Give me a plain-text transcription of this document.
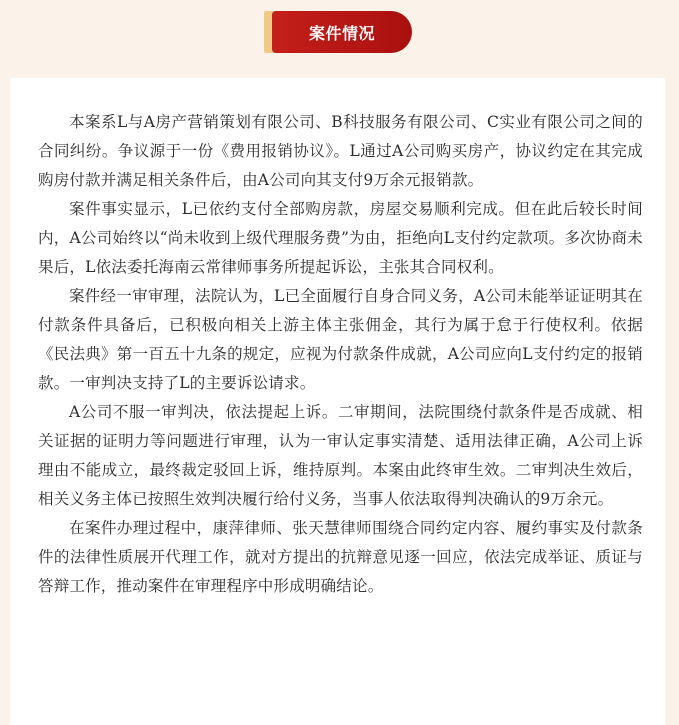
案件情况

本案系L与A房产营销策划有限公司、B科技服务有限公司、C实业有限公司之间的合同纠纷。争议源于一份《费用报销协议》。L通过A公司购买房产，协议约定在其完成购房付款并满足相关条件后，由A公司向其支付9万余元报销款。

案件事实显示，L已依约支付全部购房款，房屋交易顺利完成。但在此后较长时间内，A公司始终以“尚未收到上级代理服务费”为由，拒绝向L支付约定款项。多次协商未果后，L依法委托海南云常律师事务所提起诉讼，主张其合同权利。

案件经一审审理，法院认为，L已全面履行自身合同义务，A公司未能举证证明其在付款条件具备后，已积极向相关上游主体主张佣金，其行为属于怠于行使权利。依据《民法典》第一百五十九条的规定，应视为付款条件成就，A公司应向L支付约定的报销款。一审判决支持了L的主要诉讼请求。

A公司不服一审判决，依法提起上诉。二审期间，法院围绕付款条件是否成就、相关证据的证明力等问题进行审理，认为一审认定事实清楚、适用法律正确，A公司上诉理由不能成立，最终裁定驳回上诉，维持原判。本案由此终审生效。二审判决生效后，相关义务主体已按照生效判决履行给付义务，当事人依法取得判决确认的9万余元。

在案件办理过程中，康萍律师、张天慧律师围绕合同约定内容、履约事实及付款条件的法律性质展开代理工作，就对方提出的抗辩意见逐一回应，依法完成举证、质证与答辩工作，推动案件在审理程序中形成明确结论。
